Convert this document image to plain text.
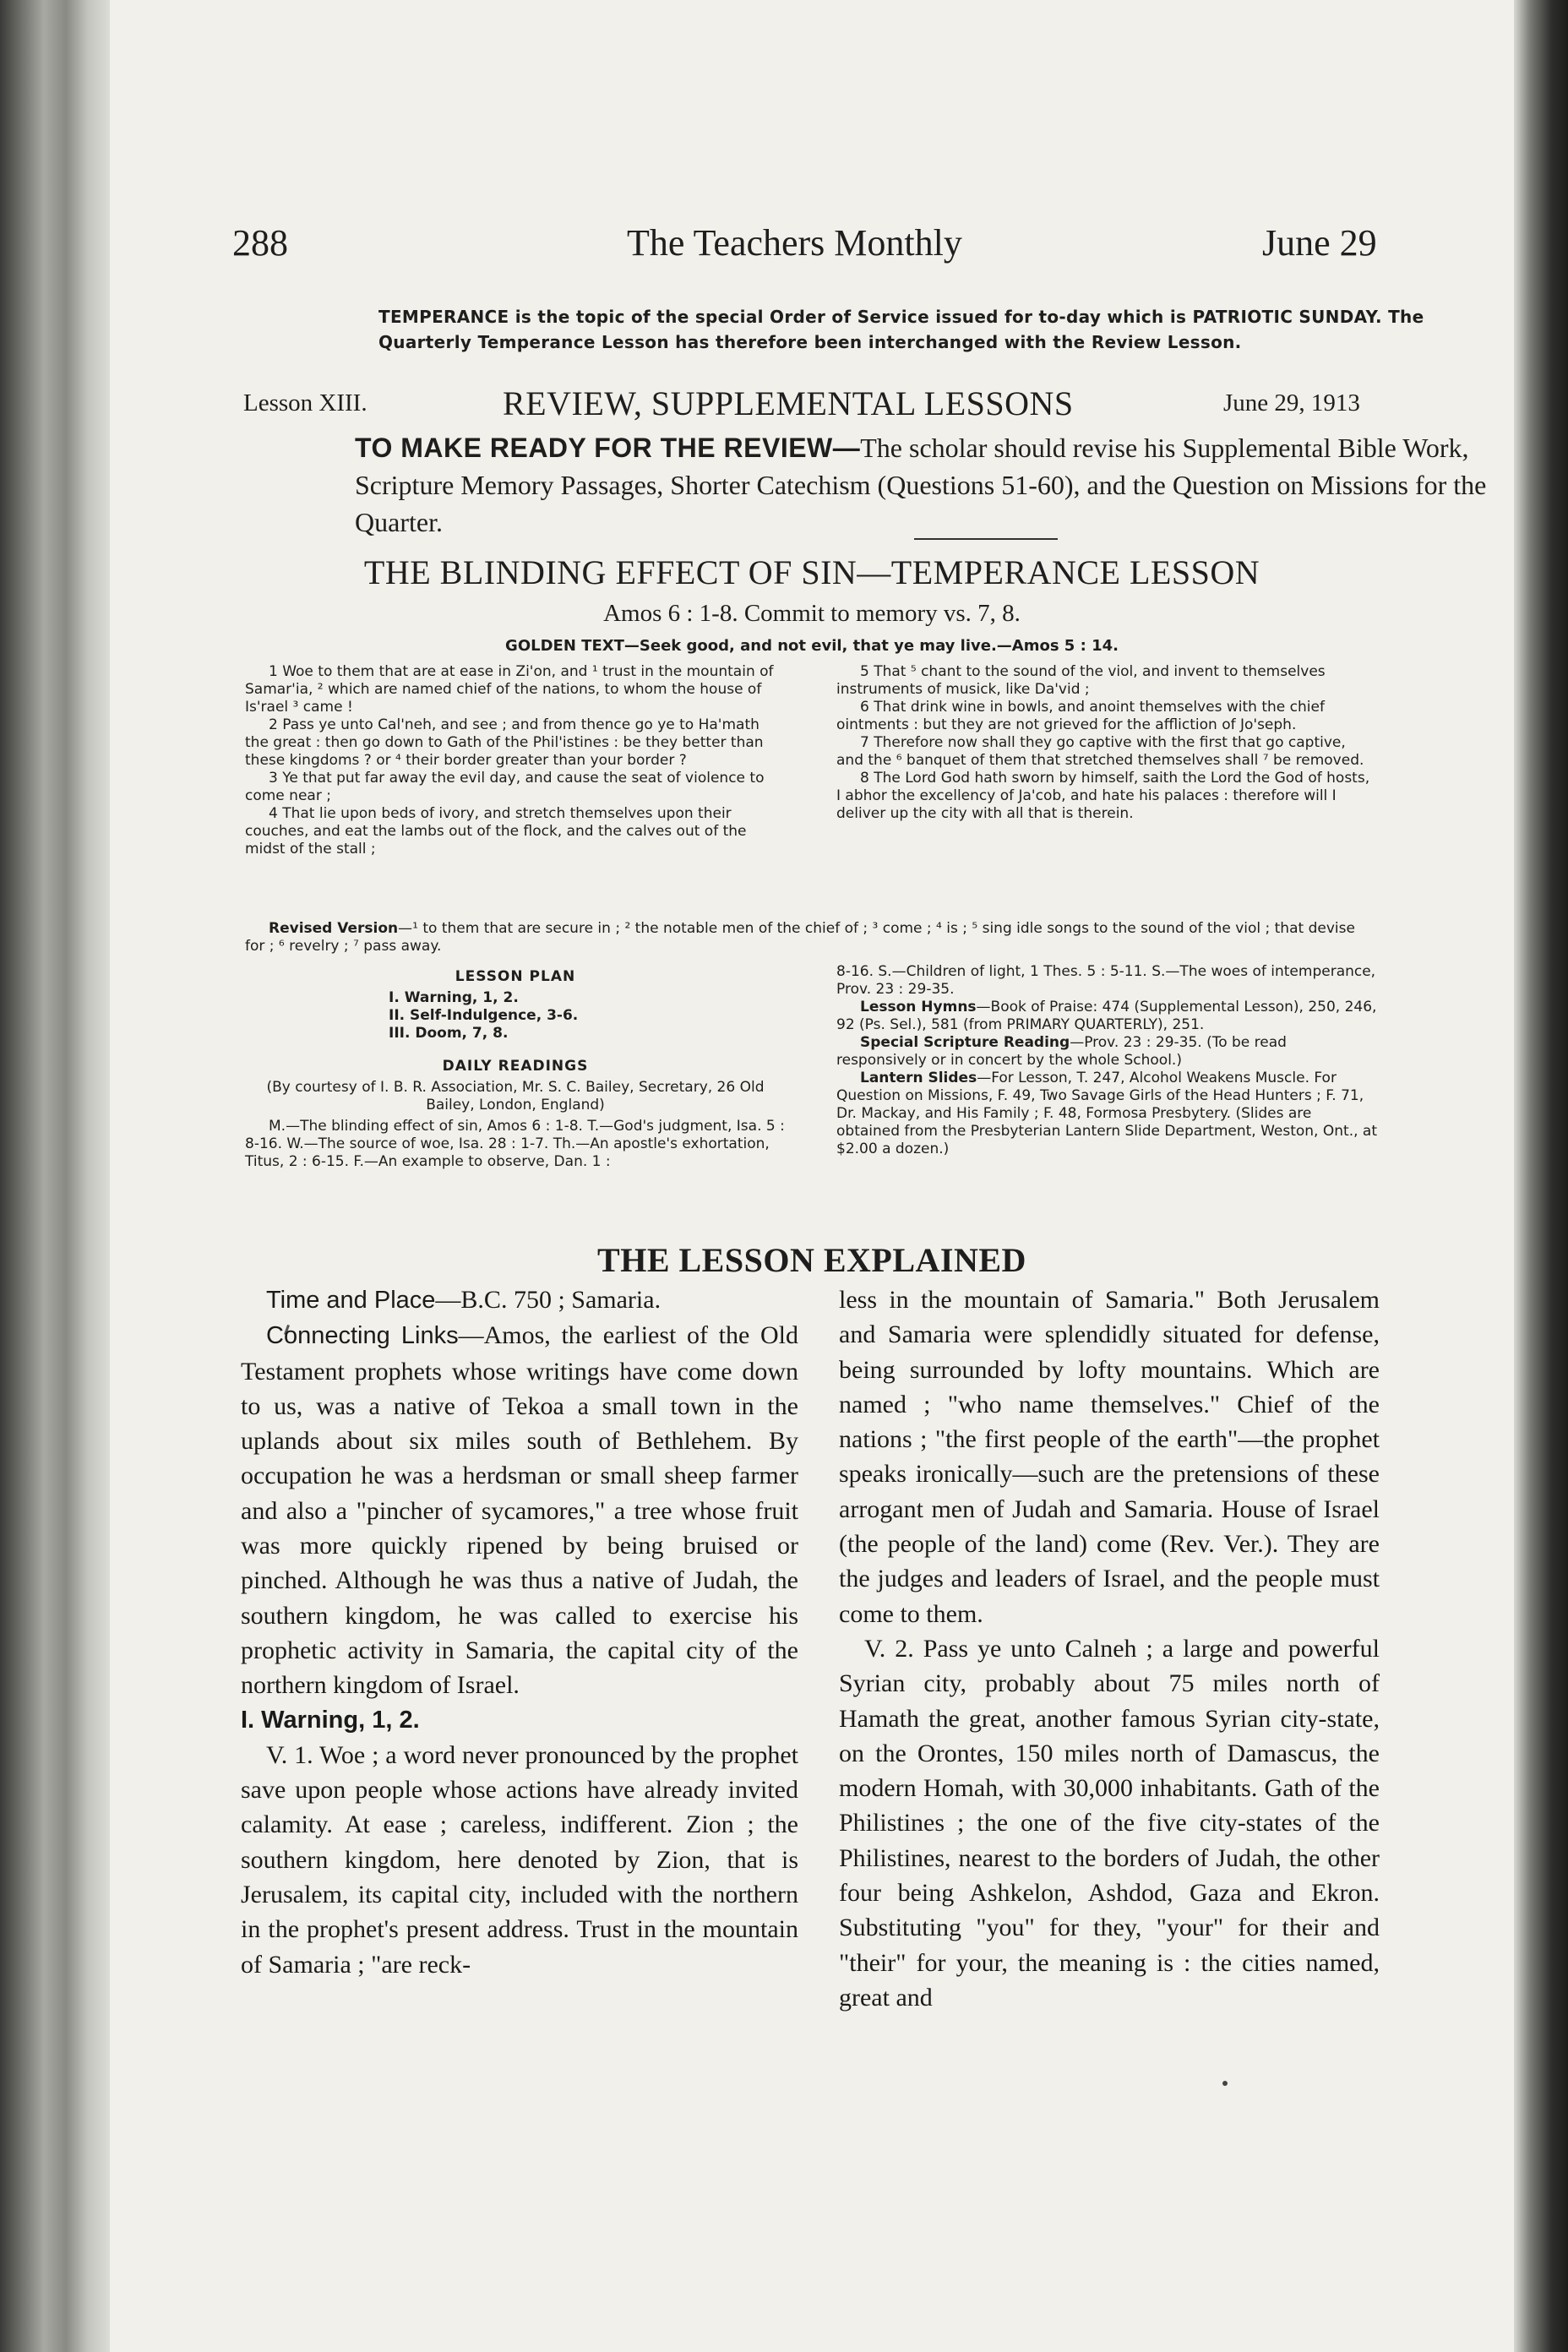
288	The Teachers Monthly	June 29

TEMPERANCE is the topic of the special Order of Service issued for to-day which is PATRIOTIC SUNDAY. The Quarterly Temperance Lesson has therefore been interchanged with the Review Lesson.

Lesson XIII.	REVIEW, SUPPLEMENTAL LESSONS	June 29, 1913

TO MAKE READY FOR THE REVIEW—The scholar should revise his Supplemental Bible Work, Scripture Memory Passages, Shorter Catechism (Questions 51-60), and the Question on Missions for the Quarter.

THE BLINDING EFFECT OF SIN—TEMPERANCE LESSON
Amos 6 : 1-8. Commit to memory vs. 7, 8.
GOLDEN TEXT—Seek good, and not evil, that ye may live.—Amos 5 : 14.

1 Woe to them that are at ease in Zi'on, and ¹ trust in the mountain of Samar'ia, ² which are named chief of the nations, to whom the house of Is'rael ³ came !

2 Pass ye unto Cal'neh, and see ; and from thence go ye to Ha'math the great : then go down to Gath of the Phil'istines : be they better than these kingdoms ? or ⁴ their border greater than your border ?

3 Ye that put far away the evil day, and cause the seat of violence to come near ;

4 That lie upon beds of ivory, and stretch themselves upon their couches, and eat the lambs out of the flock, and the calves out of the midst of the stall ;

5 That ⁵ chant to the sound of the viol, and invent to themselves instruments of musick, like Da'vid ;

6 That drink wine in bowls, and anoint themselves with the chief ointments : but they are not grieved for the affliction of Jo'seph.

7 Therefore now shall they go captive with the first that go captive, and the ⁶ banquet of them that stretched themselves shall ⁷ be removed.

8 The Lord God hath sworn by himself, saith the Lord the God of hosts, I abhor the excellency of Ja'cob, and hate his palaces : therefore will I deliver up the city with all that is therein.

Revised Version—¹ to them that are secure in ; ² the notable men of the chief of ; ³ come ; ⁴ is ; ⁵ sing idle songs to the sound of the viol ; that devise for ; ⁶ revelry ; ⁷ pass away.

LESSON PLAN

I. Warning, 1, 2.
II. Self-Indulgence, 3-6.
III. Doom, 7, 8.

DAILY READINGS

(By courtesy of I. B. R. Association, Mr. S. C. Bailey, Secretary, 26 Old Bailey, London, England)

M.—The blinding effect of sin, Amos 6 : 1-8. T.—God's judgment, Isa. 5 : 8-16. W.—The source of woe, Isa. 28 : 1-7. Th.—An apostle's exhortation, Titus, 2 : 6-15. F.—An example to observe, Dan. 1 :

8-16. S.—Children of light, 1 Thes. 5 : 5-11. S.—The woes of intemperance, Prov. 23 : 29-35.

Lesson Hymns—Book of Praise: 474 (Supplemental Lesson), 250, 246, 92 (Ps. Sel.), 581 (from PRIMARY QUARTERLY), 251.

Special Scripture Reading—Prov. 23 : 29-35. (To be read responsively or in concert by the whole School.)

Lantern Slides—For Lesson, T. 247, Alcohol Weakens Muscle. For Question on Missions, F. 49, Two Savage Girls of the Head Hunters ; F. 71, Dr. Mackay, and His Family ; F. 48, Formosa Presbytery. (Slides are obtained from the Presbyterian Lantern Slide Department, Weston, Ont., at $2.00 a dozen.)

THE LESSON EXPLAINED

Time and Place—B.C. 750 ; Samaria.

Connecting Links—Amos, the earliest of the Old Testament prophets whose writings have come down to us, was a native of Tekoa a small town in the uplands about six miles south of Bethlehem. By occupation he was a herdsman or small sheep farmer and also a "pincher of sycamores," a tree whose fruit was more quickly ripened by being bruised or pinched. Although he was thus a native of Judah, the southern kingdom, he was called to exercise his prophetic activity in Samaria, the capital city of the northern kingdom of Israel.

I. Warning, 1, 2.

V. 1. Woe ; a word never pronounced by the prophet save upon people whose actions have already invited calamity. At ease ; careless, indifferent. Zion ; the southern kingdom, here denoted by Zion, that is Jerusalem, its capital city, included with the northern in the prophet's present address. Trust in the mountain of Samaria ; "are reck-

less in the mountain of Samaria." Both Jerusalem and Samaria were splendidly situated for defense, being surrounded by lofty mountains. Which are named ; "who name themselves." Chief of the nations ; "the first people of the earth"—the prophet speaks ironically—such are the pretensions of these arrogant men of Judah and Samaria. House of Israel (the people of the land) come (Rev. Ver.). They are the judges and leaders of Israel, and the people must come to them.

V. 2. Pass ye unto Calneh ; a large and powerful Syrian city, probably about 75 miles north of Hamath the great, another famous Syrian city-state, on the Orontes, 150 miles north of Damascus, the modern Homah, with 30,000 inhabitants. Gath of the Philistines ; the one of the five city-states of the Philistines, nearest to the borders of Judah, the other four being Ashkelon, Ashdod, Gaza and Ekron. Substituting "you" for they, "your" for their and "their" for your, the meaning is : the cities named, great and
